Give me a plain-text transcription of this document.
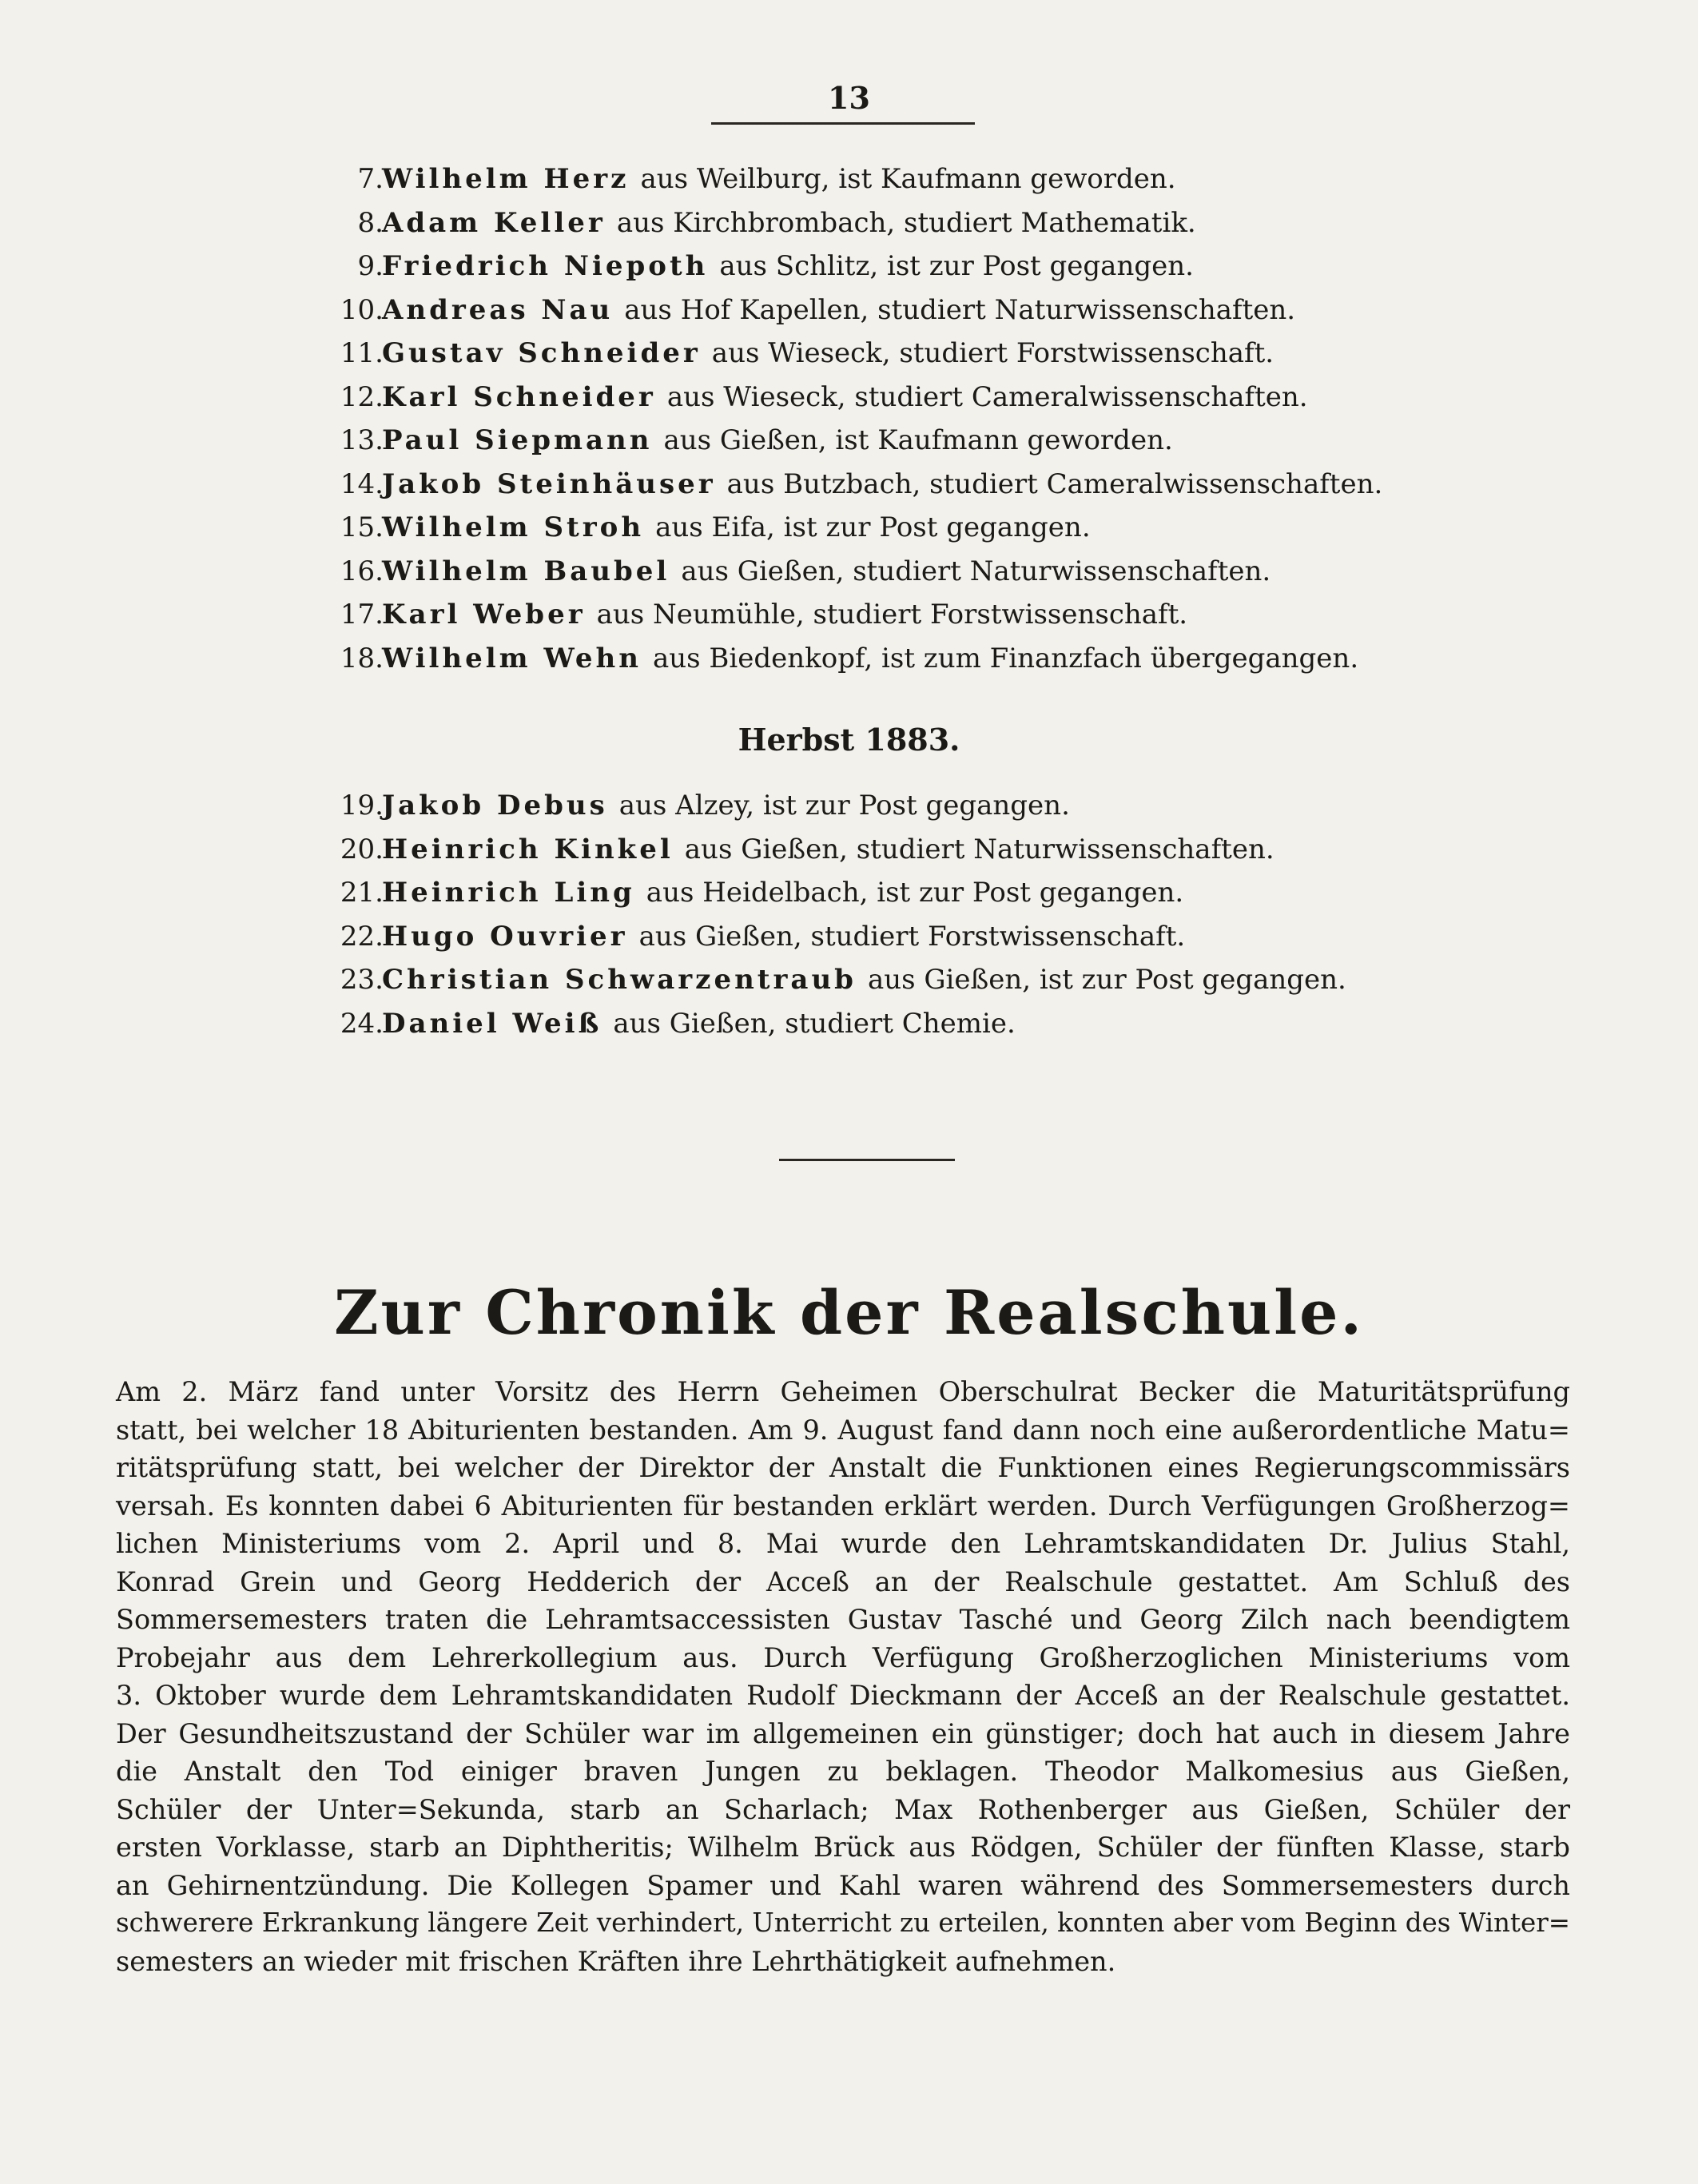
13
7.
Wilhelm Herz aus Weilburg, ist Kaufmann geworden.
8.
Adam Keller aus Kirchbrombach, studiert Mathematik.
9.
Friedrich Niepoth aus Schlitz, ist zur Post gegangen.
10.
Andreas Nau aus Hof Kapellen, studiert Naturwissenschaften.
11.
Gustav Schneider aus Wieseck, studiert Forstwissenschaft.
12.
Karl Schneider aus Wieseck, studiert Cameralwissenschaften.
13.
Paul Siepmann aus Gießen, ist Kaufmann geworden.
14.
Jakob Steinhäuser aus Butzbach, studiert Cameralwissenschaften.
15.
Wilhelm Stroh aus Eifa, ist zur Post gegangen.
16.
Wilhelm Baubel aus Gießen, studiert Naturwissenschaften.
17.
Karl Weber aus Neumühle, studiert Forstwissenschaft.
18.
Wilhelm Wehn aus Biedenkopf, ist zum Finanzfach übergegangen.
Herbst 1883.
19.
Jakob Debus aus Alzey, ist zur Post gegangen.
20.
Heinrich Kinkel aus Gießen, studiert Naturwissenschaften.
21.
Heinrich Ling aus Heidelbach, ist zur Post gegangen.
22.
Hugo Ouvrier aus Gießen, studiert Forstwissenschaft.
23.
Christian Schwarzentraub aus Gießen, ist zur Post gegangen.
24.
Daniel Weiß aus Gießen, studiert Chemie.
Zur Chronik der Realschule.
Am 2. März fand unter Vorsitz des Herrn Geheimen Oberschulrat Becker die Maturitätsprüfung
statt, bei welcher 18 Abiturienten bestanden. Am 9. August fand dann noch eine außerordentliche Matu=
ritätsprüfung statt, bei welcher der Direktor der Anstalt die Funktionen eines Regierungscommissärs
versah. Es konnten dabei 6 Abiturienten für bestanden erklärt werden. Durch Verfügungen Großherzog=
lichen Ministeriums vom 2. April und 8. Mai wurde den Lehramtskandidaten Dr. Julius Stahl,
Konrad Grein und Georg Hedderich der Acceß an der Realschule gestattet. Am Schluß des
Sommersemesters traten die Lehramtsaccessisten Gustav Tasché und Georg Zilch nach beendigtem
Probejahr aus dem Lehrerkollegium aus. Durch Verfügung Großherzoglichen Ministeriums vom
3. Oktober wurde dem Lehramtskandidaten Rudolf Dieckmann der Acceß an der Realschule gestattet.
Der Gesundheitszustand der Schüler war im allgemeinen ein günstiger; doch hat auch in diesem Jahre
die Anstalt den Tod einiger braven Jungen zu beklagen. Theodor Malkomesius aus Gießen,
Schüler der Unter=Sekunda, starb an Scharlach; Max Rothenberger aus Gießen, Schüler der
ersten Vorklasse, starb an Diphtheritis; Wilhelm Brück aus Rödgen, Schüler der fünften Klasse, starb
an Gehirnentzündung. Die Kollegen Spamer und Kahl waren während des Sommersemesters durch
schwerere Erkrankung längere Zeit verhindert, Unterricht zu erteilen, konnten aber vom Beginn des Winter=
semesters an wieder mit frischen Kräften ihre Lehrthätigkeit aufnehmen.
